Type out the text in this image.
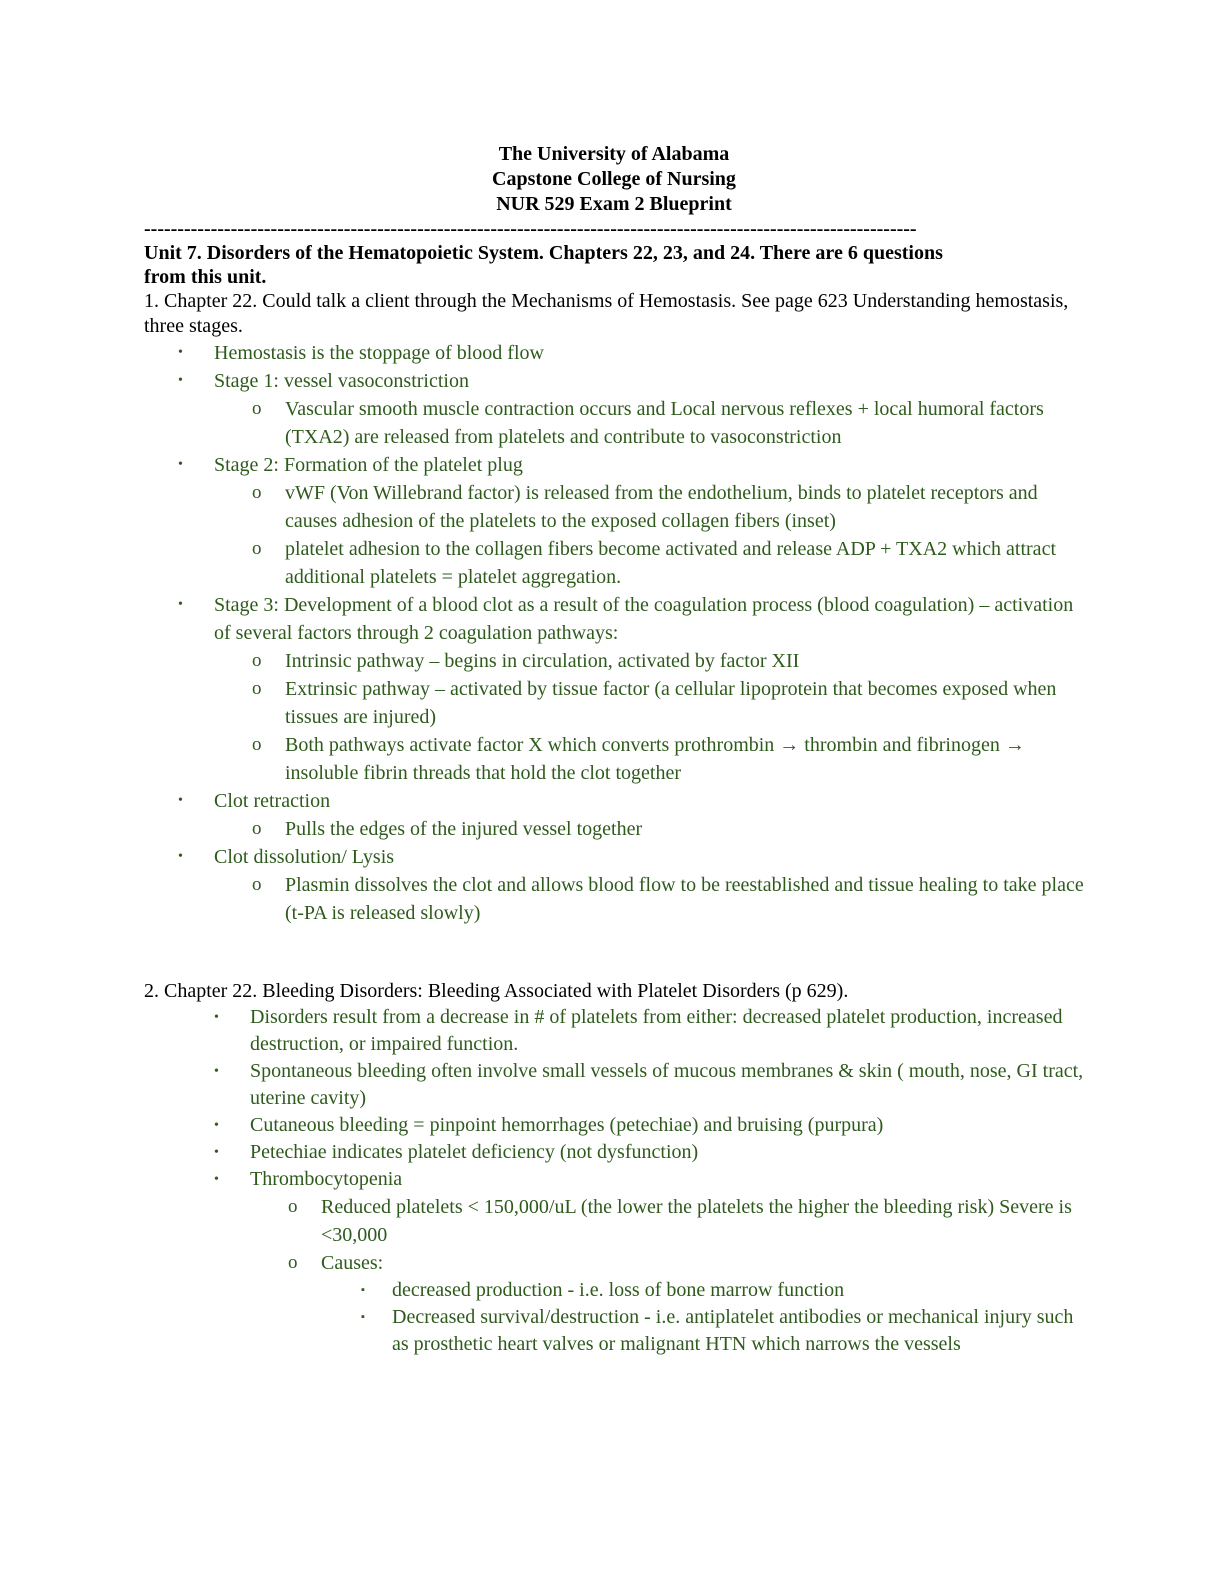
The University of Alabama
Capstone College of Nursing
NUR 529 Exam 2 Blueprint
--------------------------------------------------------------------------------------------------------------------
Unit 7. Disorders of the Hematopoietic System. Chapters 22, 23, and 24. There are 6 questions from this unit.
1. Chapter 22. Could talk a client through the Mechanisms of Hemostasis. See page 623 Understanding hemostasis, three stages.
• Hemostasis is the stoppage of blood flow
• Stage 1: vessel vasoconstriction
o Vascular smooth muscle contraction occurs and Local nervous reflexes + local humoral factors (TXA2) are released from platelets and contribute to vasoconstriction
• Stage 2: Formation of the platelet plug
o vWF (Von Willebrand factor) is released from the endothelium, binds to platelet receptors and causes adhesion of the platelets to the exposed collagen fibers (inset)
o platelet adhesion to the collagen fibers become activated and release ADP + TXA2 which attract additional platelets = platelet aggregation.
• Stage 3: Development of a blood clot as a result of the coagulation process (blood coagulation) – activation of several factors through 2 coagulation pathways:
o Intrinsic pathway – begins in circulation, activated by factor XII
o Extrinsic pathway – activated by tissue factor (a cellular lipoprotein that becomes exposed when tissues are injured)
o Both pathways activate factor X which converts prothrombin → thrombin and fibrinogen → insoluble fibrin threads that hold the clot together
• Clot retraction
o Pulls the edges of the injured vessel together
• Clot dissolution/ Lysis
o Plasmin dissolves the clot and allows blood flow to be reestablished and tissue healing to take place (t-PA is released slowly)
2. Chapter 22. Bleeding Disorders: Bleeding Associated with Platelet Disorders (p 629).
• Disorders result from a decrease in # of platelets from either: decreased platelet production, increased destruction, or impaired function.
• Spontaneous bleeding often involve small vessels of mucous membranes & skin ( mouth, nose, GI tract, uterine cavity)
• Cutaneous bleeding = pinpoint hemorrhages (petechiae) and bruising (purpura)
• Petechiae indicates platelet deficiency (not dysfunction)
• Thrombocytopenia
o Reduced platelets < 150,000/uL (the lower the platelets the higher the bleeding risk) Severe is <30,000
o Causes:
▪ decreased production - i.e. loss of bone marrow function
▪ Decreased survival/destruction - i.e. antiplatelet antibodies or mechanical injury such as prosthetic heart valves or malignant HTN which narrows the vessels
